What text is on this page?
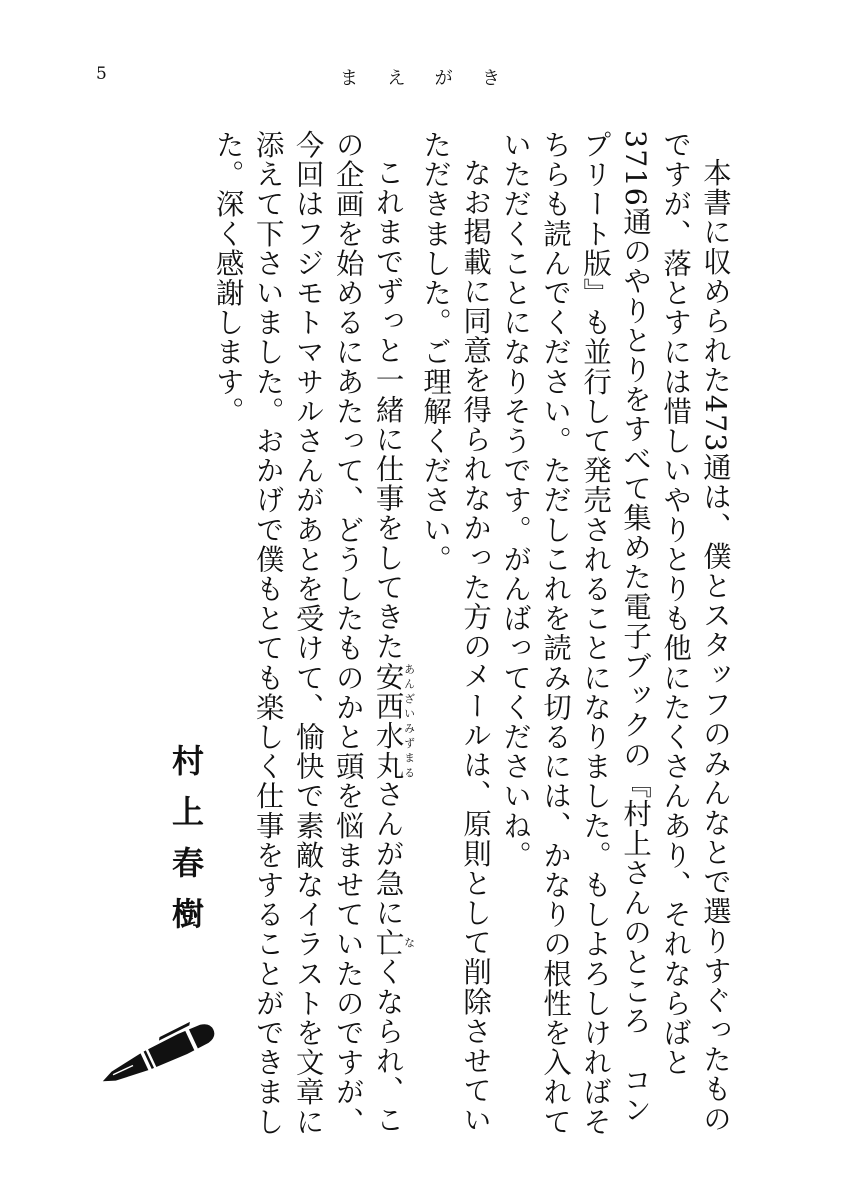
5	ま え が き

本書に収められた473通は、僕とスタッフのみんなとで選りすぐったものですが、落とすには惜しいやりとりも他にたくさんあり、それならばと3716通のやりとりをすべて集めた電子ブックの『村上さんのところ　コンプリート版』も並行して発売されることになりました。もしよろしければそちらも読んでください。ただしこれを読み切るには、かなりの根性を入れていただくことになりそうです。がんばってくださいね。

なお掲載に同意を得られなかった方のメールは、原則として削除させていただきました。ご理解ください。

これまでずっと一緒に仕事をしてきた安西水丸あんざいみずまるさんが急に亡なくなられ、この企画を始めるにあたって、どうしたものかと頭を悩ませていたのですが、今回はフジモトマサルさんがあとを受けて、愉快で素敵なイラストを文章に添えて下さいました。おかげで僕もとても楽しく仕事をすることができました。深く感謝します。

村上春樹
